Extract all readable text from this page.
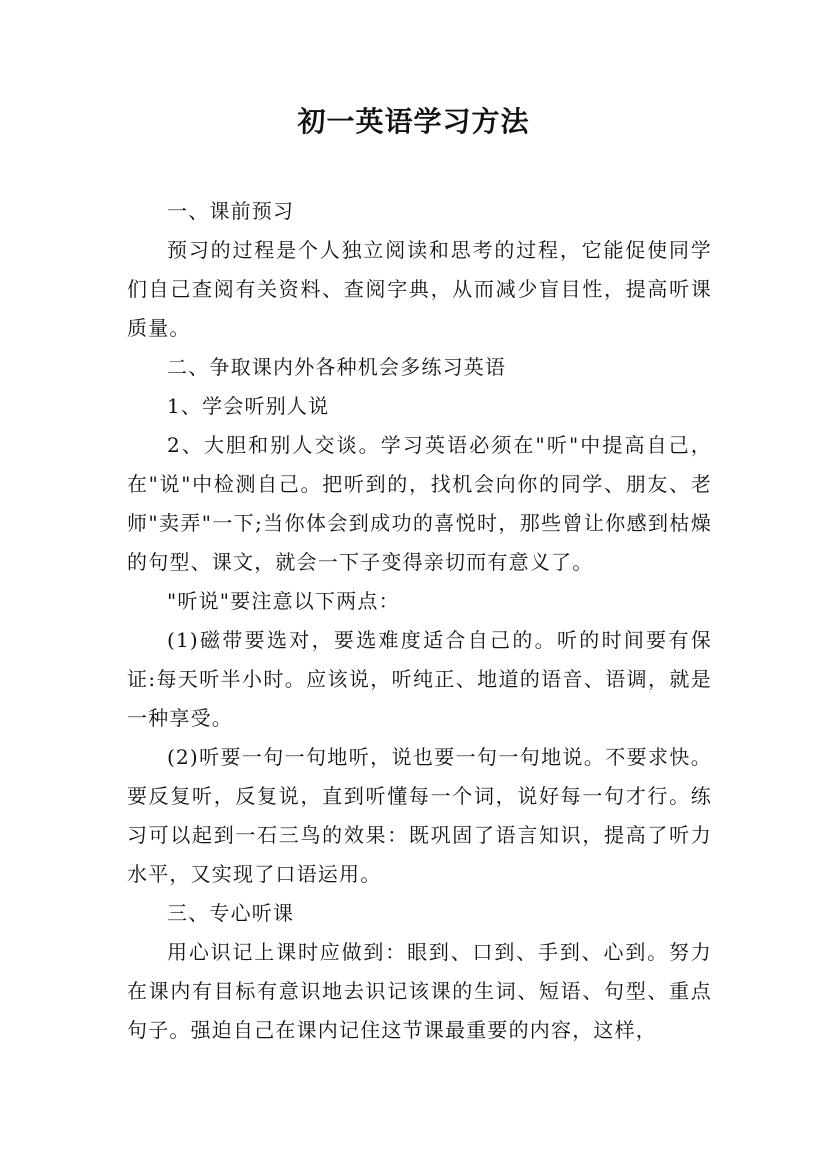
初一英语学习方法

一、课前预习

预习的过程是个人独立阅读和思考的过程，它能促使同学们自己查阅有关资料、查阅字典，从而减少盲目性，提高听课质量。

二、争取课内外各种机会多练习英语

1、学会听别人说

2、大胆和别人交谈。学习英语必须在"听"中提高自己，在"说"中检测自己。把听到的，找机会向你的同学、朋友、老师"卖弄"一下;当你体会到成功的喜悦时，那些曾让你感到枯燥的句型、课文，就会一下子变得亲切而有意义了。

"听说"要注意以下两点：

(1)磁带要选对，要选难度适合自己的。听的时间要有保证:每天听半小时。应该说，听纯正、地道的语音、语调，就是一种享受。

(2)听要一句一句地听，说也要一句一句地说。不要求快。要反复听，反复说，直到听懂每一个词，说好每一句才行。练习可以起到一石三鸟的效果：既巩固了语言知识，提高了听力水平，又实现了口语运用。

三、专心听课

用心识记上课时应做到：眼到、口到、手到、心到。努力在课内有目标有意识地去识记该课的生词、短语、句型、重点句子。强迫自己在课内记住这节课最重要的内容，这样，
